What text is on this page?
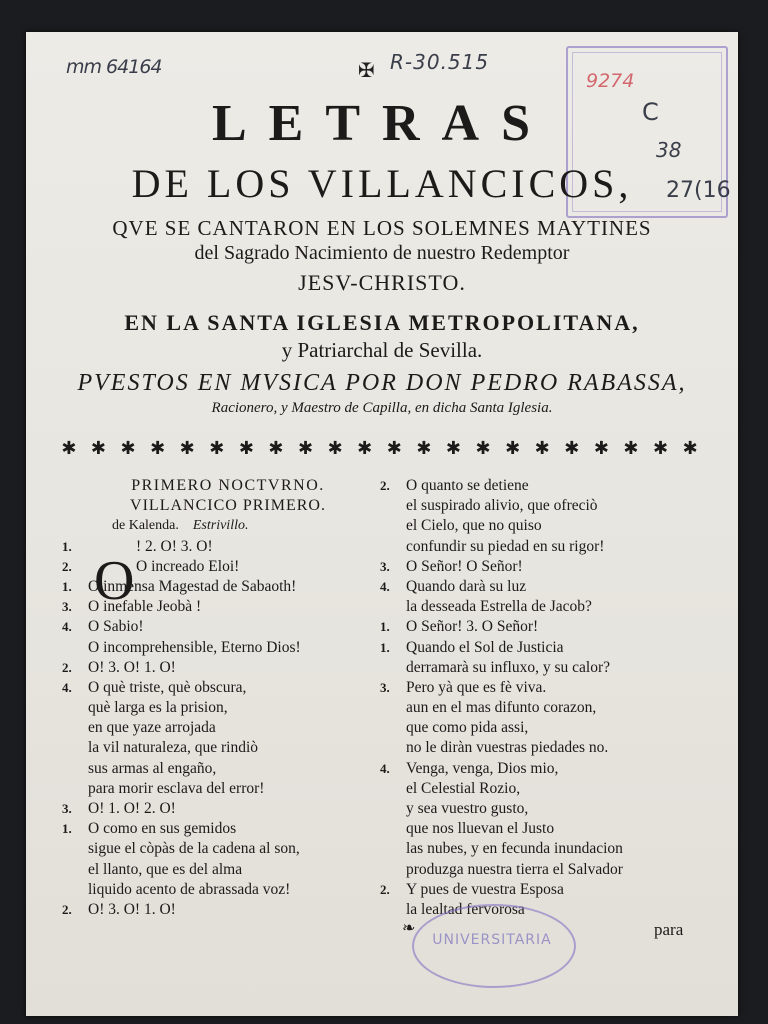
9274
mm 64164	✠ R-30.515
C
38
27(16
LETRAS
DE LOS VILLANCICOS,
QVE SE CANTARON EN LOS SOLEMNES MAYTINES
del Sagrado Nacimiento de nuestro Redemptor
JESV-CHRISTO.
EN LA SANTA IGLESIA METROPOLITANA,
y Patriarchal de Sevilla.
PVESTOS EN MVSICA POR DON PEDRO RABASSA,
Racionero, y Maestro de Capilla, en dicha Santa Iglesia.
✱ ✱ ✱ ✱ ✱ ✱ ✱ ✱ ✱ ✱ ✱ ✱ ✱ ✱ ✱ ✱ ✱ ✱ ✱ ✱ ✱ ✱
PRIMERO NOCTVRNO.
VILLANCICO PRIMERO.
de Kalenda. Estrivillo.
O
1.	! 2. O! 3. O!
2.	O increado Eloi!
1. O inmensa Magestad de Sabaoth!
3. O inefable Jeobà !
4. O Sabio!
O incomprehensible, Eterno Dios!
2. O! 3. O! 1. O!
4. O què triste, què obscura,
què larga es la prision,
en que yaze arrojada
la vil naturaleza, que rindiò
sus armas al engaño,
para morir esclava del error!
3. O! 1. O! 2. O!
1. O como en sus gemidos
sigue el còpàs de la cadena al son,
el llanto, que es del alma
liquido acento de abrassada voz!
2. O! 3. O! 1. O!
2. O quanto se detiene
el suspirado alivio, que ofreciò
el Cielo, que no quiso
confundir su piedad en su rigor!
3. O Señor! O Señor!
4. Quando darà su luz
la desseada Estrella de Jacob?
1. O Señor! 3. O Señor!
1. Quando el Sol de Justicia
derramarà su influxo, y su calor?
3. Pero yà que es fè viva.
aun en el mas difunto corazon,
que como pida assi,
no le diràn vuestras piedades no.
4. Venga, venga, Dios mio,
el Celestial Rozio,
y sea vuestro gusto,
que nos lluevan el Justo
las nubes, y en fecunda inundacion
produzga nuestra tierra el Salvador
2. Y pues de vuestra Esposa
la lealtad fervorosa
❧
UNIVERSITARIA
para
